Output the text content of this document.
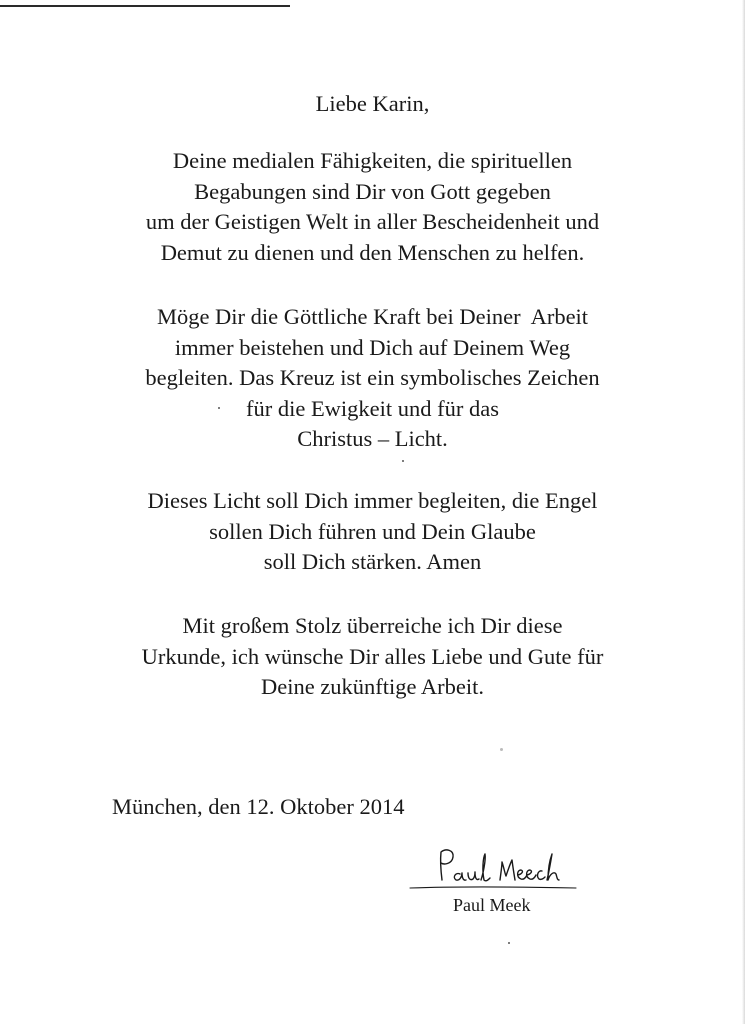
Liebe Karin,
Deine medialen Fähigkeiten, die spirituellen
Begabungen sind Dir von Gott gegeben
um der Geistigen Welt in aller Bescheidenheit und
Demut zu dienen und den Menschen zu helfen.
Möge Dir die Göttliche Kraft bei Deiner  Arbeit
immer beistehen und Dich auf Deinem Weg
begleiten. Das Kreuz ist ein symbolisches Zeichen
für die Ewigkeit und für das
Christus – Licht.
Dieses Licht soll Dich immer begleiten, die Engel
sollen Dich führen und Dein Glaube
soll Dich stärken. Amen
Mit großem Stolz überreiche ich Dir diese
Urkunde, ich wünsche Dir alles Liebe und Gute für
Deine zukünftige Arbeit.
München, den 12. Oktober 2014
Paul Meek
